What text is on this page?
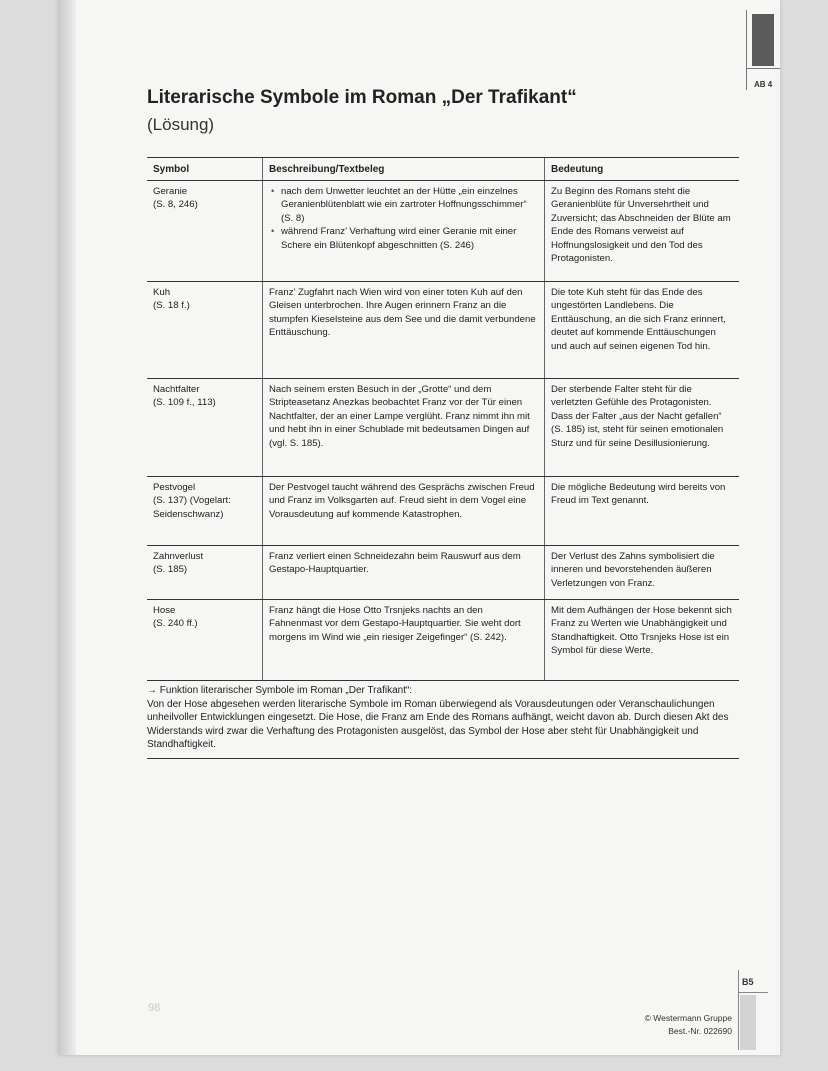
AB 4
Literarische Symbole im Roman „Der Trafikant“
(Lösung)
Symbol	Beschreibung/Textbeleg	Bedeutung
Geranie
(S. 8, 246)
• nach dem Unwetter leuchtet an der Hütte „ein einzelnes Geranienblütenblatt wie ein zartroter Hoffnungsschimmer“ (S. 8)
• während Franz’ Verhaftung wird einer Geranie mit einer Schere ein Blütenkopf abgeschnitten (S. 246)
Zu Beginn des Romans steht die Geranienblüte für Unversehrtheit und Zuversicht; das Abschneiden der Blüte am Ende des Romans verweist auf Hoffnungslosigkeit und den Tod des Protagonisten.
Kuh
(S. 18 f.)
Franz’ Zugfahrt nach Wien wird von einer toten Kuh auf den Gleisen unterbrochen. Ihre Augen erinnern Franz an die stumpfen Kieselsteine aus dem See und die damit verbundene Enttäuschung.
Die tote Kuh steht für das Ende des ungestörten Landlebens. Die Enttäuschung, an die sich Franz erinnert, deutet auf kommende Enttäuschungen und auch auf seinen eigenen Tod hin.
Nachtfalter
(S. 109 f., 113)
Nach seinem ersten Besuch in der „Grotte“ und dem Stripteasetanz Anezkas beobachtet Franz vor der Tür einen Nachtfalter, der an einer Lampe verglüht. Franz nimmt ihn mit und hebt ihn in einer Schublade mit bedeutsamen Dingen auf (vgl. S. 185).
Der sterbende Falter steht für die verletzten Gefühle des Protagonisten. Dass der Falter „aus der Nacht gefallen“ (S. 185) ist, steht für seinen emotionalen Sturz und für seine Desillusionierung.
Pestvogel
(S. 137) (Vogelart: Seidenschwanz)
Der Pestvogel taucht während des Gesprächs zwischen Freud und Franz im Volksgarten auf. Freud sieht in dem Vogel eine Vorausdeutung auf kommende Katastrophen.
Die mögliche Bedeutung wird bereits von Freud im Text genannt.
Zahnverlust
(S. 185)
Franz verliert einen Schneidezahn beim Rauswurf aus dem Gestapo-Hauptquartier.
Der Verlust des Zahns symbolisiert die inneren und bevorstehenden äußeren Verletzungen von Franz.
Hose
(S. 240 ff.)
Franz hängt die Hose Otto Trsnjeks nachts an den Fahnenmast vor dem Gestapo-Hauptquartier. Sie weht dort morgens im Wind wie „ein riesiger Zeigefinger“ (S. 242).
Mit dem Aufhängen der Hose bekennt sich Franz zu Werten wie Unabhängigkeit und Standhaftigkeit. Otto Trsnjeks Hose ist ein Symbol für diese Werte.
→ Funktion literarischer Symbole im Roman „Der Trafikant“:
Von der Hose abgesehen werden literarische Symbole im Roman überwiegend als Vorausdeutungen oder Veranschaulichungen unheilvoller Entwicklungen eingesetzt. Die Hose, die Franz am Ende des Romans aufhängt, weicht davon ab. Durch diesen Akt des Widerstands wird zwar die Verhaftung des Protagonisten ausgelöst, das Symbol der Hose aber steht für Unabhängigkeit und Standhaftigkeit.
98
B5
© Westermann Gruppe
Best.-Nr. 022690
